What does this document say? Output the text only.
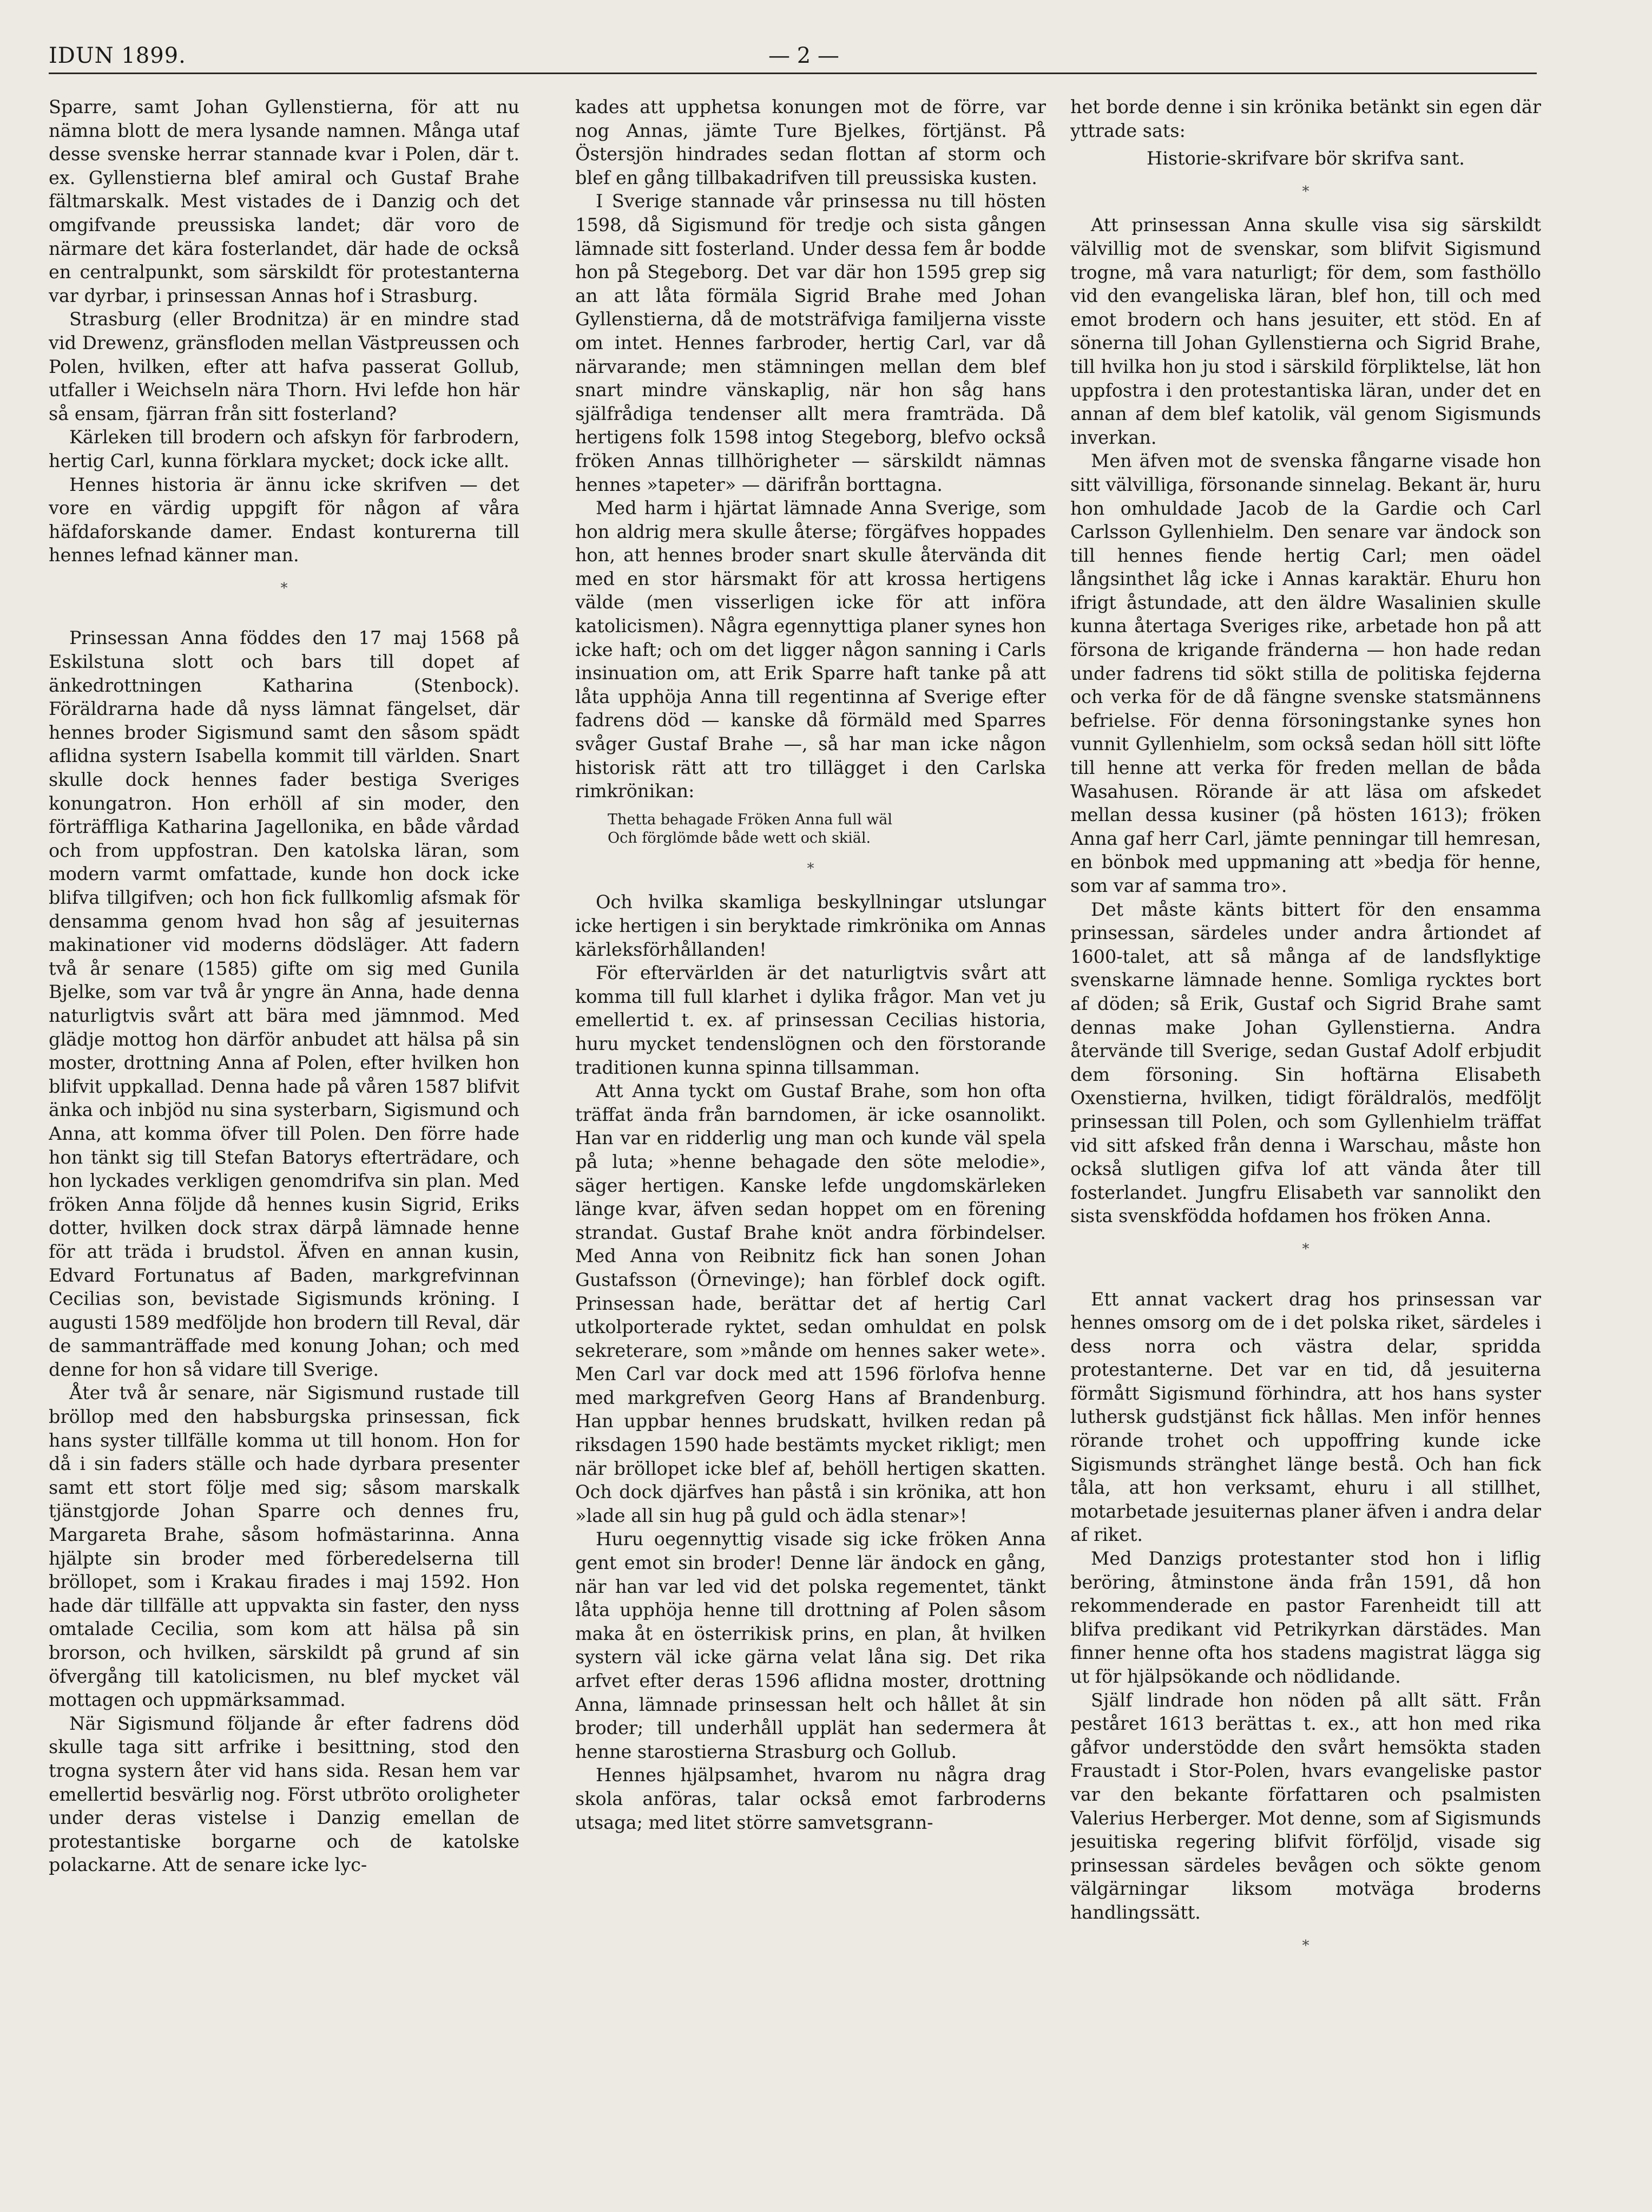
IDUN 1899.	— 2 —

Sparre, samt Johan Gyllenstierna, för att nu nämna blott de mera lysande namnen. Många utaf desse svenske herrar stannade kvar i Polen, där t. ex. Gyllenstierna blef amiral och Gustaf Brahe fältmarskalk. Mest vistades de i Danzig och det omgifvande preussiska landet; där voro de närmare det kära fosterlandet, där hade de också en centralpunkt, som särskildt för protestanterna var dyrbar, i prinsessan Annas hof i Strasburg.

Strasburg (eller Brodnitza) är en mindre stad vid Drewenz, gränsfloden mellan Västpreussen och Polen, hvilken, efter att hafva passerat Gollub, utfaller i Weichseln nära Thorn. Hvi lefde hon här så ensam, fjärran från sitt fosterland?

Kärleken till brodern och afskyn för farbrodern, hertig Carl, kunna förklara mycket; dock icke allt.

Hennes historia är ännu icke skrifven — det vore en värdig uppgift för någon af våra häfdaforskande damer. Endast konturerna till hennes lefnad känner man.

*

Prinsessan Anna föddes den 17 maj 1568 på Eskilstuna slott och bars till dopet af änkedrottningen Katharina (Stenbock). Föräldrarna hade då nyss lämnat fängelset, där hennes broder Sigismund samt den såsom spädt aflidna systern Isabella kommit till världen. Snart skulle dock hennes fader bestiga Sveriges konungatron. Hon erhöll af sin moder, den förträffliga Katharina Jagellonika, en både vårdad och from uppfostran. Den katolska läran, som modern varmt omfattade, kunde hon dock icke blifva tillgifven; och hon fick fullkomlig afsmak för densamma genom hvad hon såg af jesuiternas makinationer vid moderns dödsläger. Att fadern två år senare (1585) gifte om sig med Gunila Bjelke, som var två år yngre än Anna, hade denna naturligtvis svårt att bära med jämnmod. Med glädje mottog hon därför anbudet att hälsa på sin moster, drottning Anna af Polen, efter hvilken hon blifvit uppkallad. Denna hade på våren 1587 blifvit änka och inbjöd nu sina systerbarn, Sigismund och Anna, att komma öfver till Polen. Den förre hade hon tänkt sig till Stefan Batorys efterträdare, och hon lyckades verkligen genomdrifva sin plan. Med fröken Anna följde då hennes kusin Sigrid, Eriks dotter, hvilken dock strax därpå lämnade henne för att träda i brudstol. Äfven en annan kusin, Edvard Fortunatus af Baden, markgrefvinnan Cecilias son, bevistade Sigismunds kröning. I augusti 1589 medföljde hon brodern till Reval, där de sammanträffade med konung Johan; och med denne for hon så vidare till Sverige.

Åter två år senare, när Sigismund rustade till bröllop med den habsburgska prinsessan, fick hans syster tillfälle komma ut till honom. Hon for då i sin faders ställe och hade dyrbara presenter samt ett stort följe med sig; såsom marskalk tjänstgjorde Johan Sparre och dennes fru, Margareta Brahe, såsom hofmästarinna. Anna hjälpte sin broder med förberedelserna till bröllopet, som i Krakau firades i maj 1592. Hon hade där tillfälle att uppvakta sin faster, den nyss omtalade Cecilia, som kom att hälsa på sin brorson, och hvilken, särskildt på grund af sin öfvergång till katolicismen, nu blef mycket väl mottagen och uppmärksammad.

När Sigismund följande år efter fadrens död skulle taga sitt arfrike i besittning, stod den trogna systern åter vid hans sida. Resan hem var emellertid besvärlig nog. Först utbröto oroligheter under deras vistelse i Danzig emellan de protestantiske borgarne och de katolske polackarne. Att de senare icke lyc-

kades att upphetsa konungen mot de förre, var nog Annas, jämte Ture Bjelkes, förtjänst. På Östersjön hindrades sedan flottan af storm och blef en gång tillbakadrifven till preussiska kusten.

I Sverige stannade vår prinsessa nu till hösten 1598, då Sigismund för tredje och sista gången lämnade sitt fosterland. Under dessa fem år bodde hon på Stegeborg. Det var där hon 1595 grep sig an att låta förmäla Sigrid Brahe med Johan Gyllenstierna, då de motsträfviga familjerna visste om intet. Hennes farbroder, hertig Carl, var då närvarande; men stämningen mellan dem blef snart mindre vänskaplig, när hon såg hans själfrådiga tendenser allt mera framträda. Då hertigens folk 1598 intog Stegeborg, blefvo också fröken Annas tillhörigheter — särskildt nämnas hennes »tapeter» — därifrån borttagna.

Med harm i hjärtat lämnade Anna Sverige, som hon aldrig mera skulle återse; förgäfves hoppades hon, att hennes broder snart skulle återvända dit med en stor härsmakt för att krossa hertigens välde (men visserligen icke för att införa katolicismen). Några egennyttiga planer synes hon icke haft; och om det ligger någon sanning i Carls insinuation om, att Erik Sparre haft tanke på att låta upphöja Anna till regentinna af Sverige efter fadrens död — kanske då förmäld med Sparres svåger Gustaf Brahe —, så har man icke någon historisk rätt att tro tillägget i den Carlska rimkrönikan:

Thetta behagade Fröken Anna full wäl
Och förglömde både wett och skiäl.
*

Och hvilka skamliga beskyllningar utslungar icke hertigen i sin beryktade rimkrönika om Annas kärleksförhållanden!

För eftervärlden är det naturligtvis svårt att komma till full klarhet i dylika frågor. Man vet ju emellertid t. ex. af prinsessan Cecilias historia, huru mycket tendenslögnen och den förstorande traditionen kunna spinna tillsamman.

Att Anna tyckt om Gustaf Brahe, som hon ofta träffat ända från barndomen, är icke osannolikt. Han var en ridderlig ung man och kunde väl spela på luta; »henne behagade den söte melodie», säger hertigen. Kanske lefde ungdomskärleken länge kvar, äfven sedan hoppet om en förening strandat. Gustaf Brahe knöt andra förbindelser. Med Anna von Reibnitz fick han sonen Johan Gustafsson (Örnevinge); han förblef dock ogift. Prinsessan hade, berättar det af hertig Carl utkolporterade ryktet, sedan omhuldat en polsk sekreterare, som »månde om hennes saker wete». Men Carl var dock med att 1596 förlofva henne med markgrefven Georg Hans af Brandenburg. Han uppbar hennes brudskatt, hvilken redan på riksdagen 1590 hade bestämts mycket rikligt; men när bröllopet icke blef af, behöll hertigen skatten. Och dock djärfves han påstå i sin krönika, att hon »lade all sin hug på guld och ädla stenar»!

Huru oegennyttig visade sig icke fröken Anna gent emot sin broder! Denne lär ändock en gång, när han var led vid det polska regementet, tänkt låta upphöja henne till drottning af Polen såsom maka åt en österrikisk prins, en plan, åt hvilken systern väl icke gärna velat låna sig. Det rika arfvet efter deras 1596 aflidna moster, drottning Anna, lämnade prinsessan helt och hållet åt sin broder; till underhåll upplät han sedermera åt henne starostierna Strasburg och Gollub.

Hennes hjälpsamhet, hvarom nu några drag skola anföras, talar också emot farbroderns utsaga; med litet större samvetsgrann-

het borde denne i sin krönika betänkt sin egen där yttrade sats:

Historie-skrifvare bör skrifva sant.
*

Att prinsessan Anna skulle visa sig särskildt välvillig mot de svenskar, som blifvit Sigismund trogne, må vara naturligt; för dem, som fasthöllo vid den evangeliska läran, blef hon, till och med emot brodern och hans jesuiter, ett stöd. En af sönerna till Johan Gyllenstierna och Sigrid Brahe, till hvilka hon ju stod i särskild förpliktelse, lät hon uppfostra i den protestantiska läran, under det en annan af dem blef katolik, väl genom Sigismunds inverkan.

Men äfven mot de svenska fångarne visade hon sitt välvilliga, försonande sinnelag. Bekant är, huru hon omhuldade Jacob de la Gardie och Carl Carlsson Gyllenhielm. Den senare var ändock son till hennes fiende hertig Carl; men oädel långsinthet låg icke i Annas karaktär. Ehuru hon ifrigt åstundade, att den äldre Wasalinien skulle kunna återtaga Sveriges rike, arbetade hon på att försona de krigande fränderna — hon hade redan under fadrens tid sökt stilla de politiska fejderna och verka för de då fängne svenske statsmännens befrielse. För denna försoningstanke synes hon vunnit Gyllenhielm, som också sedan höll sitt löfte till henne att verka för freden mellan de båda Wasahusen. Rörande är att läsa om afskedet mellan dessa kusiner (på hösten 1613); fröken Anna gaf herr Carl, jämte penningar till hemresan, en bönbok med uppmaning att »bedja för henne, som var af samma tro».

Det måste känts bittert för den ensamma prinsessan, särdeles under andra årtiondet af 1600-talet, att så många af de landsflyktige svenskarne lämnade henne. Somliga rycktes bort af döden; så Erik, Gustaf och Sigrid Brahe samt dennas make Johan Gyllenstierna. Andra återvände till Sverige, sedan Gustaf Adolf erbjudit dem försoning. Sin hoftärna Elisabeth Oxenstierna, hvilken, tidigt föräldralös, medföljt prinsessan till Polen, och som Gyllenhielm träffat vid sitt afsked från denna i Warschau, måste hon också slutligen gifva lof att vända åter till fosterlandet. Jungfru Elisabeth var sannolikt den sista svenskfödda hofdamen hos fröken Anna.

*

Ett annat vackert drag hos prinsessan var hennes omsorg om de i det polska riket, särdeles i dess norra och västra delar, spridda protestanterne. Det var en tid, då jesuiterna förmått Sigismund förhindra, att hos hans syster luthersk gudstjänst fick hållas. Men inför hennes rörande trohet och uppoffring kunde icke Sigismunds stränghet länge bestå. Och han fick tåla, att hon verksamt, ehuru i all stillhet, motarbetade jesuiternas planer äfven i andra delar af riket.

Med Danzigs protestanter stod hon i liflig beröring, åtminstone ända från 1591, då hon rekommenderade en pastor Farenheidt till att blifva predikant vid Petrikyrkan därstädes. Man finner henne ofta hos stadens magistrat lägga sig ut för hjälpsökande och nödlidande.

Själf lindrade hon nöden på allt sätt. Från peståret 1613 berättas t. ex., att hon med rika gåfvor understödde den svårt hemsökta staden Fraustadt i Stor-Polen, hvars evangeliske pastor var den bekante författaren och psalmisten Valerius Herberger. Mot denne, som af Sigismunds jesuitiska regering blifvit förföljd, visade sig prinsessan särdeles bevågen och sökte genom välgärningar liksom motväga broderns handlingssätt.

*
